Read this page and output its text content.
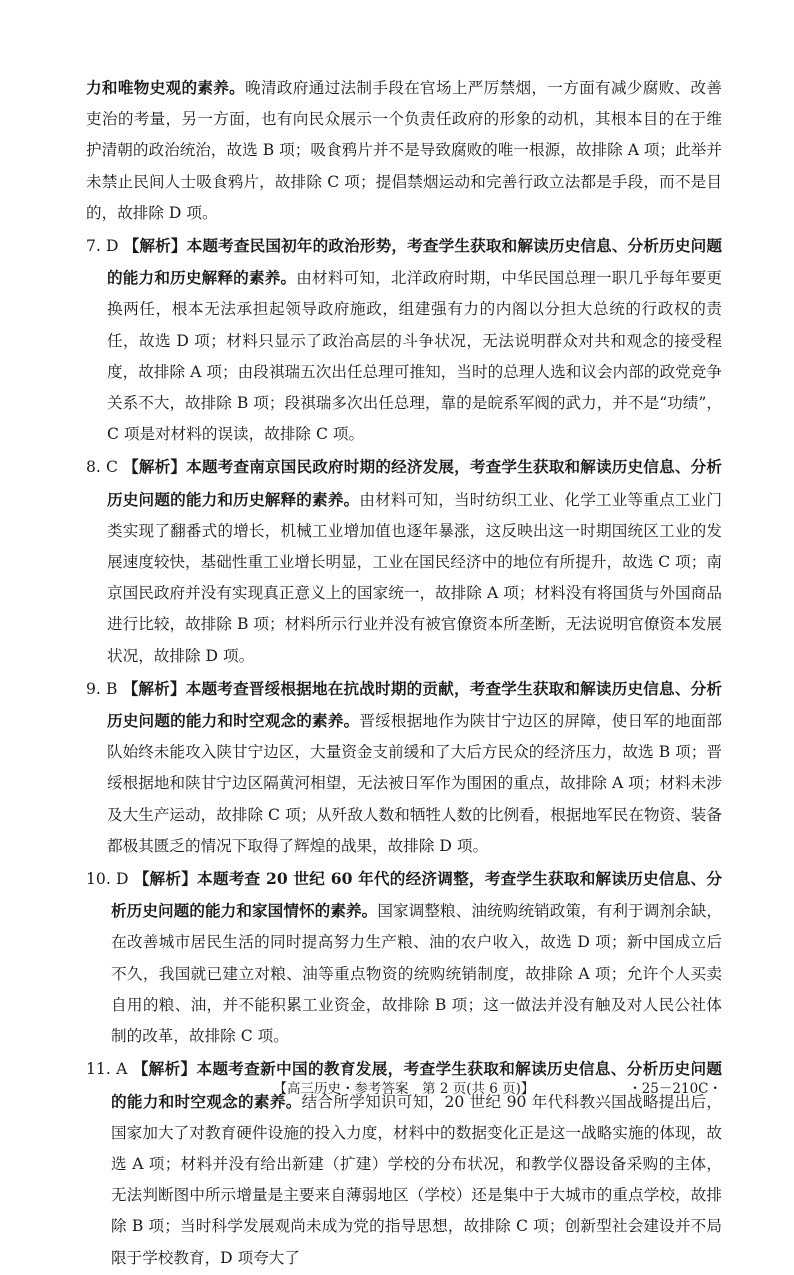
力和唯物史观的素养。晚清政府通过法制手段在官场上严厉禁烟，一方面有减少腐败、改善吏治的考量，另一方面，也有向民众展示一个负责任政府的形象的动机，其根本目的在于维护清朝的政治统治，故选 B 项；吸食鸦片并不是导致腐败的唯一根源，故排除 A 项；此举并未禁止民间人士吸食鸦片，故排除 C 项；提倡禁烟运动和完善行政立法都是手段，而不是目的，故排除 D 项。

7. D 【解析】本题考查民国初年的政治形势，考查学生获取和解读历史信息、分析历史问题的能力和历史解释的素养。由材料可知，北洋政府时期，中华民国总理一职几乎每年要更换两任，根本无法承担起领导政府施政，组建强有力的内阁以分担大总统的行政权的责任，故选 D 项；材料只显示了政治高层的斗争状况，无法说明群众对共和观念的接受程度，故排除 A 项；由段祺瑞五次出任总理可推知，当时的总理人选和议会内部的政党竞争关系不大，故排除 B 项；段祺瑞多次出任总理，靠的是皖系军阀的武力，并不是“功绩”，C 项是对材料的误读，故排除 C 项。

8. C 【解析】本题考查南京国民政府时期的经济发展，考查学生获取和解读历史信息、分析历史问题的能力和历史解释的素养。由材料可知，当时纺织工业、化学工业等重点工业门类实现了翻番式的增长，机械工业增加值也逐年暴涨，这反映出这一时期国统区工业的发展速度较快，基础性重工业增长明显，工业在国民经济中的地位有所提升，故选 C 项；南京国民政府并没有实现真正意义上的国家统一，故排除 A 项；材料没有将国货与外国商品进行比较，故排除 B 项；材料所示行业并没有被官僚资本所垄断，无法说明官僚资本发展状况，故排除 D 项。

9. B 【解析】本题考查晋绥根据地在抗战时期的贡献，考查学生获取和解读历史信息、分析历史问题的能力和时空观念的素养。晋绥根据地作为陕甘宁边区的屏障，使日军的地面部队始终未能攻入陕甘宁边区，大量资金支前缓和了大后方民众的经济压力，故选 B 项；晋绥根据地和陕甘宁边区隔黄河相望，无法被日军作为围困的重点，故排除 A 项；材料未涉及大生产运动，故排除 C 项；从歼敌人数和牺牲人数的比例看，根据地军民在物资、装备都极其匮乏的情况下取得了辉煌的战果，故排除 D 项。

10. D 【解析】本题考查 20 世纪 60 年代的经济调整，考查学生获取和解读历史信息、分析历史问题的能力和家国情怀的素养。国家调整粮、油统购统销政策，有利于调剂余缺，在改善城市居民生活的同时提高努力生产粮、油的农户收入，故选 D 项；新中国成立后不久，我国就已建立对粮、油等重点物资的统购统销制度，故排除 A 项；允许个人买卖自用的粮、油，并不能积累工业资金，故排除 B 项；这一做法并没有触及对人民公社体制的改革，故排除 C 项。

11. A 【解析】本题考查新中国的教育发展，考查学生获取和解读历史信息、分析历史问题的能力和时空观念的素养。结合所学知识可知，20 世纪 90 年代科教兴国战略提出后，国家加大了对教育硬件设施的投入力度，材料中的数据变化正是这一战略实施的体现，故选 A 项；材料并没有给出新建（扩建）学校的分布状况，和教学仪器设备采购的主体，无法判断图中所示增量是主要来自薄弱地区（学校）还是集中于大城市的重点学校，故排除 B 项；当时科学发展观尚未成为党的指导思想，故排除 C 项；创新型社会建设并不局限于学校教育，D 项夸大了

【高三历史・参考答案　第 2 页(共 6 页)】	・25－210C・
